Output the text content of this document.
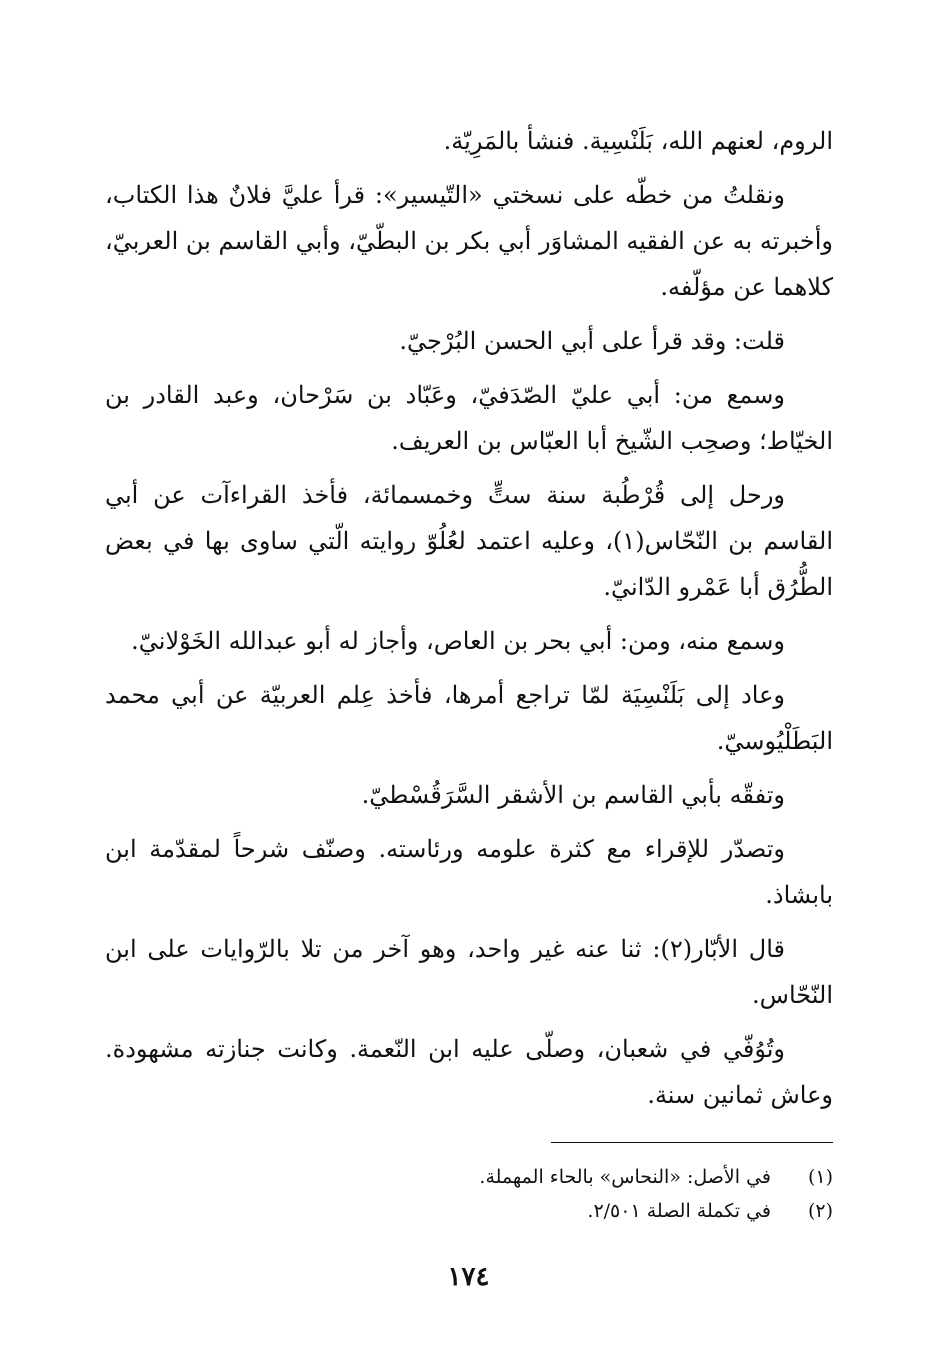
الروم، لعنهم الله، بَلَنْسِية. فنشأ بالمَرِيّة.

ونقلتُ من خطّه على نسختي «التّيسير»: قرأ عليَّ فلانٌ هذا الكتاب، وأخبرته به عن الفقيه المشاوَر أبي بكر بن البطّيّ، وأبي القاسم بن العربيّ، كلاهما عن مؤلّفه.

قلت: وقد قرأ على أبي الحسن البُرْجيّ.

وسمع من: أبي عليّ الصّدَفيّ، وعَبّاد بن سَرْحان، وعبد القادر بن الخيّاط؛ وصحِب الشّيخ أبا العبّاس بن العريف.

ورحل إلى قُرْطُبة سنة ستٍّ وخمسمائة، فأخذ القراءآت عن أبي القاسم بن النّحّاس(١)، وعليه اعتمد لعُلُوّ روايته الّتي ساوى بها في بعض الطُّرُق أبا عَمْرو الدّانيّ.

وسمع منه، ومن: أبي بحر بن العاص، وأجاز له أبو عبدالله الخَوْلانيّ.

وعاد إلى بَلَنْسِيَة لمّا تراجع أمرها، فأخذ عِلم العربيّة عن أبي محمد البَطَلْيُوسيّ.

وتفقّه بأبي القاسم بن الأشقر السَّرَقُسْطيّ.

وتصدّر للإقراء مع كثرة علومه ورئاسته. وصنّف شرحاً لمقدّمة ابن بابشاذ.

قال الأبّار(٢): ثنا عنه غير واحد، وهو آخر من تلا بالرّوايات على ابن النّحّاس.

وتُوُفّي في شعبان، وصلّى عليه ابن النّعمة. وكانت جنازته مشهودة. وعاش ثمانين سنة.

(١)
في الأصل: «النحاس» بالحاء المهملة.
(٢)
في تكملة الصلة ٢/٥٠١.
١٧٤
